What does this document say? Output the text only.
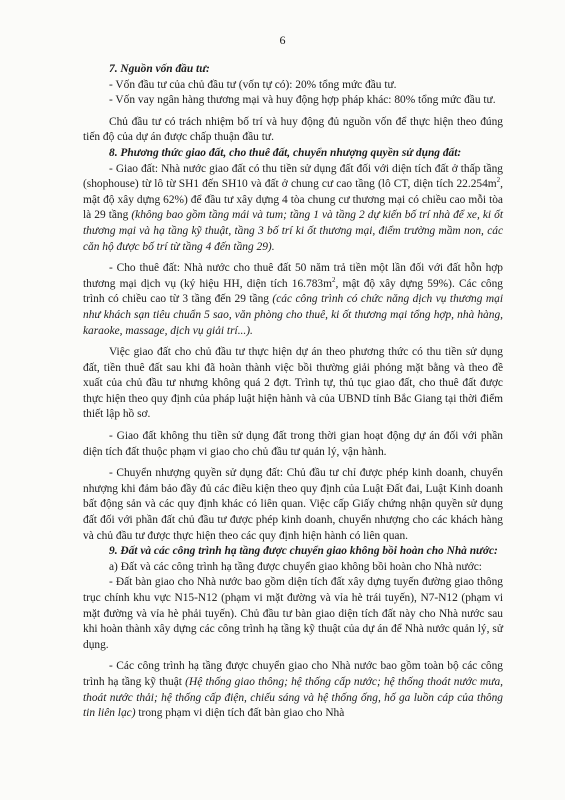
6

7. Nguồn vốn đầu tư:

- Vốn đầu tư của chủ đầu tư (vốn tự có): 20% tổng mức đầu tư.

- Vốn vay ngân hàng thương mại và huy động hợp pháp khác: 80% tổng mức đầu tư.

Chủ đầu tư có trách nhiệm bố trí và huy động đủ nguồn vốn để thực hiện theo đúng tiến độ của dự án được chấp thuận đầu tư.

8. Phương thức giao đất, cho thuê đất, chuyển nhượng quyền sử dụng đất:

- Giao đất: Nhà nước giao đất có thu tiền sử dụng đất đối với diện tích đất ở thấp tầng (shophouse) từ lô từ SH1 đến SH10 và đất ở chung cư cao tầng (lô CT, diện tích $22.254m^2$, mật độ xây dựng 62%) để đầu tư xây dựng 4 tòa chung cư thương mại có chiều cao mỗi tòa là 29 tầng (không bao gồm tầng mái và tum; tầng 1 và tầng 2 dự kiến bố trí nhà để xe, ki ốt thương mại và hạ tầng kỹ thuật, tầng 3 bố trí ki ốt thương mại, điểm trường mầm non, các căn hộ được bố trí từ tầng 4 đến tầng 29).

- Cho thuê đất: Nhà nước cho thuê đất 50 năm trả tiền một lần đối với đất hỗn hợp thương mại dịch vụ (ký hiệu HH, diện tích $16.783m^2$, mật độ xây dựng 59%). Các công trình có chiều cao từ 3 tầng đến 29 tầng (các công trình có chức năng dịch vụ thương mại như khách sạn tiêu chuẩn 5 sao, văn phòng cho thuê, ki ốt thương mại tổng hợp, nhà hàng, karaoke, massage, dịch vụ giải trí...).

Việc giao đất cho chủ đầu tư thực hiện dự án theo phương thức có thu tiền sử dụng đất, tiền thuê đất sau khi đã hoàn thành việc bồi thường giải phóng mặt bằng và theo đề xuất của chủ đầu tư nhưng không quá 2 đợt. Trình tự, thủ tục giao đất, cho thuê đất được thực hiện theo quy định của pháp luật hiện hành và của UBND tỉnh Bắc Giang tại thời điểm thiết lập hồ sơ.

- Giao đất không thu tiền sử dụng đất trong thời gian hoạt động dự án đối với phần diện tích đất thuộc phạm vi giao cho chủ đầu tư quản lý, vận hành.

- Chuyển nhượng quyền sử dụng đất: Chủ đầu tư chỉ được phép kinh doanh, chuyển nhượng khi đảm bảo đầy đủ các điều kiện theo quy định của Luật Đất đai, Luật Kinh doanh bất động sản và các quy định khác có liên quan. Việc cấp Giấy chứng nhận quyền sử dụng đất đối với phần đất chủ đầu tư được phép kinh doanh, chuyển nhượng cho các khách hàng và chủ đầu tư được thực hiện theo các quy định hiện hành có liên quan.

9. Đất và các công trình hạ tầng được chuyển giao không bồi hoàn cho Nhà nước:

a) Đất và các công trình hạ tầng được chuyển giao không bồi hoàn cho Nhà nước:

- Đất bàn giao cho Nhà nước bao gồm diện tích đất xây dựng tuyến đường giao thông trục chính khu vực N15-N12 (phạm vi mặt đường và vỉa hè trái tuyến), N7-N12 (phạm vi mặt đường và vỉa hè phải tuyến). Chủ đầu tư bàn giao diện tích đất này cho Nhà nước sau khi hoàn thành xây dựng các công trình hạ tầng kỹ thuật của dự án để Nhà nước quản lý, sử dụng.

- Các công trình hạ tầng được chuyển giao cho Nhà nước bao gồm toàn bộ các công trình hạ tầng kỹ thuật (Hệ thống giao thông; hệ thống cấp nước; hệ thống thoát nước mưa, thoát nước thải; hệ thống cấp điện, chiếu sáng và hệ thống ống, hố ga luồn cáp của thông tin liên lạc) trong phạm vi diện tích đất bàn giao cho Nhà
